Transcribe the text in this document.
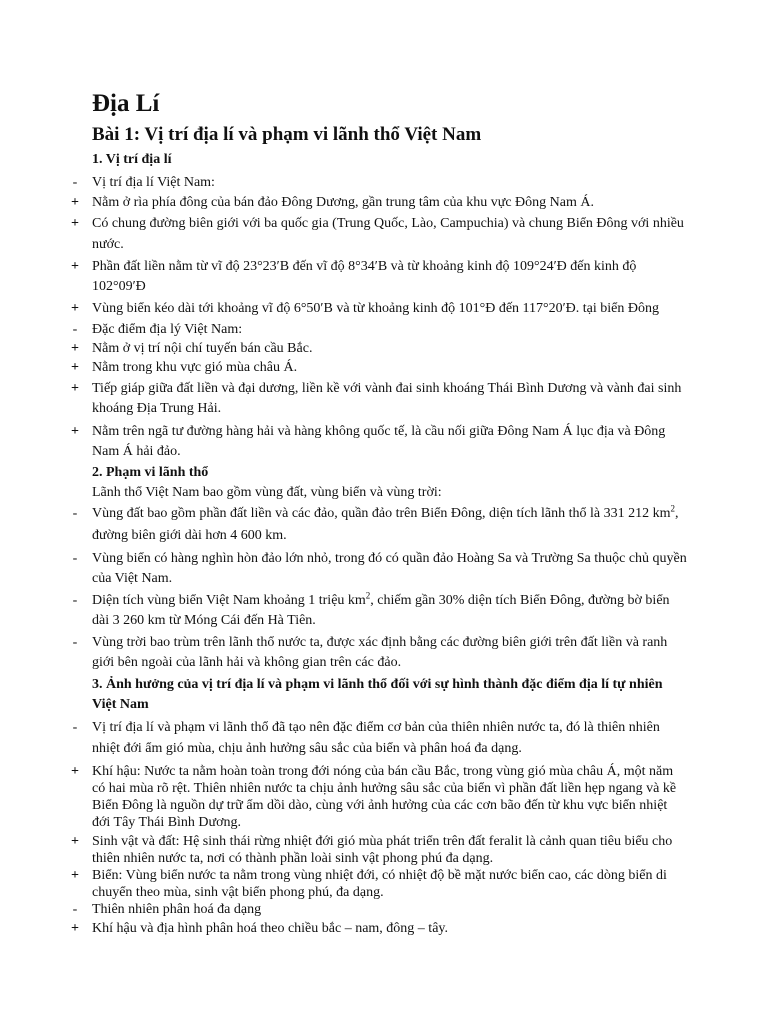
Địa Lí
Bài 1: Vị trí địa lí và phạm vi lãnh thổ Việt Nam
1. Vị trí địa lí
-	Vị trí địa lí Việt Nam:
+ Nằm ở rìa phía đông của bán đảo Đông Dương, gần trung tâm của khu vực Đông Nam Á.
+ Có chung đường biên giới với ba quốc gia (Trung Quốc, Lào, Campuchia) và chung Biển Đông với nhiều nước.
+ Phần đất liền nằm từ vĩ độ 23°23′B đến vĩ độ 8°34′B và từ khoảng kinh độ 109°24′Đ đến kinh độ 102°09′Đ
+ Vùng biển kéo dài tới khoảng vĩ độ 6°50′B và từ khoảng kinh độ 101°Đ đến 117°20′Đ. tại biển Đông
-	Đặc điểm địa lý Việt Nam:
+ Nằm ở vị trí nội chí tuyến bán cầu Bắc.
+ Nằm trong khu vực gió mùa châu Á.
+ Tiếp giáp giữa đất liền và đại dương, liền kề với vành đai sinh khoáng Thái Bình Dương và vành đai sinh khoáng Địa Trung Hải.
+ Nằm trên ngã tư đường hàng hải và hàng không quốc tế, là cầu nối giữa Đông Nam Á lục địa và Đông Nam Á hải đảo.
2. Phạm vi lãnh thổ
Lãnh thổ Việt Nam bao gồm vùng đất, vùng biển và vùng trời:
-	Vùng đất bao gồm phần đất liền và các đảo, quần đảo trên Biển Đông, diện tích lãnh thổ là 331 212 $km^2$, đường biên giới dài hơn 4 600 km.
-	Vùng biển có hàng nghìn hòn đảo lớn nhỏ, trong đó có quần đảo Hoàng Sa và Trường Sa thuộc chủ quyền của Việt Nam.
-	Diện tích vùng biển Việt Nam khoảng 1 triệu $km^2$, chiếm gần 30% diện tích Biển Đông, đường bờ biển dài 3 260 km từ Móng Cái đến Hà Tiên.
-	Vùng trời bao trùm trên lãnh thổ nước ta, được xác định bằng các đường biên giới trên đất liền và ranh giới bên ngoài của lãnh hải và không gian trên các đảo.
3. Ảnh hưởng của vị trí địa lí và phạm vi lãnh thổ đối với sự hình thành đặc điểm địa lí tự nhiên Việt Nam
-	Vị trí địa lí và phạm vi lãnh thổ đã tạo nên đặc điểm cơ bản của thiên nhiên nước ta, đó là thiên nhiên nhiệt đới ẩm gió mùa, chịu ảnh hưởng sâu sắc của biển và phân hoá đa dạng.
+ Khí hậu: Nước ta nằm hoàn toàn trong đới nóng của bán cầu Bắc, trong vùng gió mùa châu Á, một năm có hai mùa rõ rệt. Thiên nhiên nước ta chịu ảnh hưởng sâu sắc của biển vì phần đất liền hẹp ngang và kề Biển Đông là nguồn dự trữ ẩm dồi dào, cùng với ảnh hưởng của các cơn bão đến từ khu vực biển nhiệt đới Tây Thái Bình Dương.
+ Sinh vật và đất: Hệ sinh thái rừng nhiệt đới gió mùa phát triển trên đất feralit là cảnh quan tiêu biểu cho thiên nhiên nước ta, nơi có thành phần loài sinh vật phong phú đa dạng.
+ Biển: Vùng biển nước ta nằm trong vùng nhiệt đới, có nhiệt độ bề mặt nước biển cao, các dòng biển di chuyển theo mùa, sinh vật biển phong phú, đa dạng.
-	Thiên nhiên phân hoá đa dạng
+ Khí hậu và địa hình phân hoá theo chiều bắc – nam, đông – tây.
